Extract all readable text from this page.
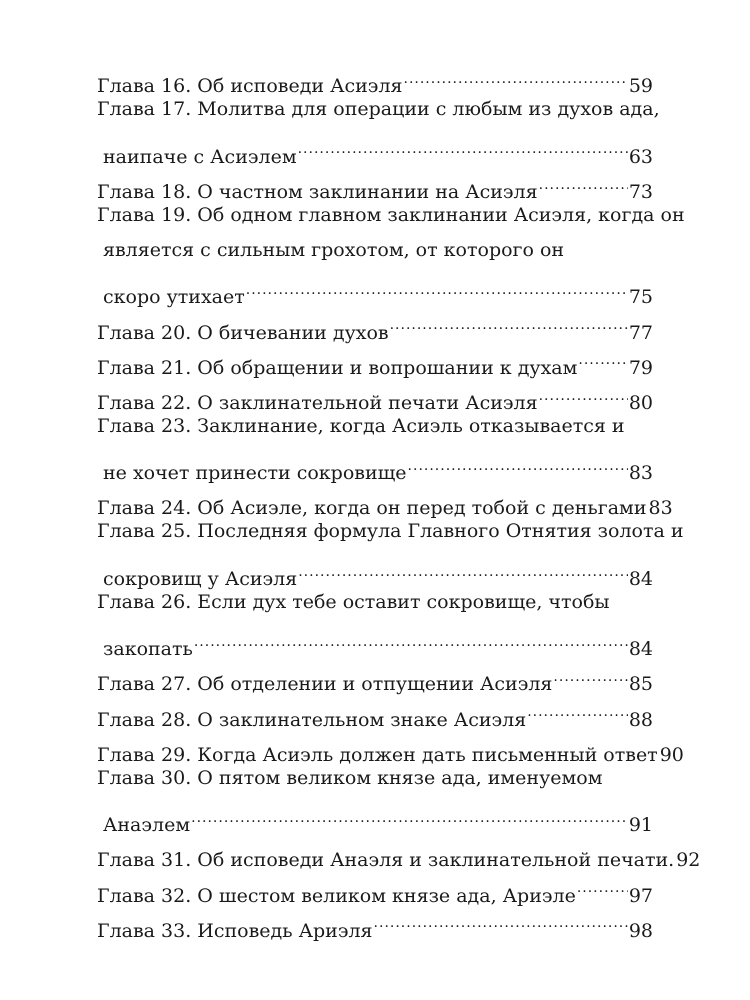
Глава 16. Об исповеди Асиэля .....	59
Глава 17. Молитва для операции с любым из духов ада,
наипаче с Асиэлем .....	63
Глава 18. О частном заклинании на Асиэля .....	73
Глава 19. Об одном главном заклинании Асиэля, когда он
является с сильным грохотом, от которого он
скоро утихает .....	75
Глава 20. О бичевании духов .....	77
Глава 21. Об обращении и вопрошании к духам .....	79
Глава 22. О заклинательной печати Асиэля .....	80
Глава 23. Заклинание, когда Асиэль отказывается и
не хочет принести сокровище .....	83
Глава 24. Об Асиэле, когда он перед тобой с деньгами 83
Глава 25. Последняя формула Главного Отнятия золота и
сокровищ у Асиэля .....	84
Глава 26. Если дух тебе оставит сокровище, чтобы
закопать .....	84
Глава 27. Об отделении и отпущении Асиэля .....	85
Глава 28. О заклинательном знаке Асиэля .....	88
Глава 29. Когда Асиэль должен дать письменный ответ 90
Глава 30. О пятом великом князе ада, именуемом
Анаэлем .....	91
Глава 31. Об исповеди Анаэля и заклинательной печати. 92
Глава 32. О шестом великом князе ада, Ариэле .....	97
Глава 33. Исповедь Ариэля .....	98
